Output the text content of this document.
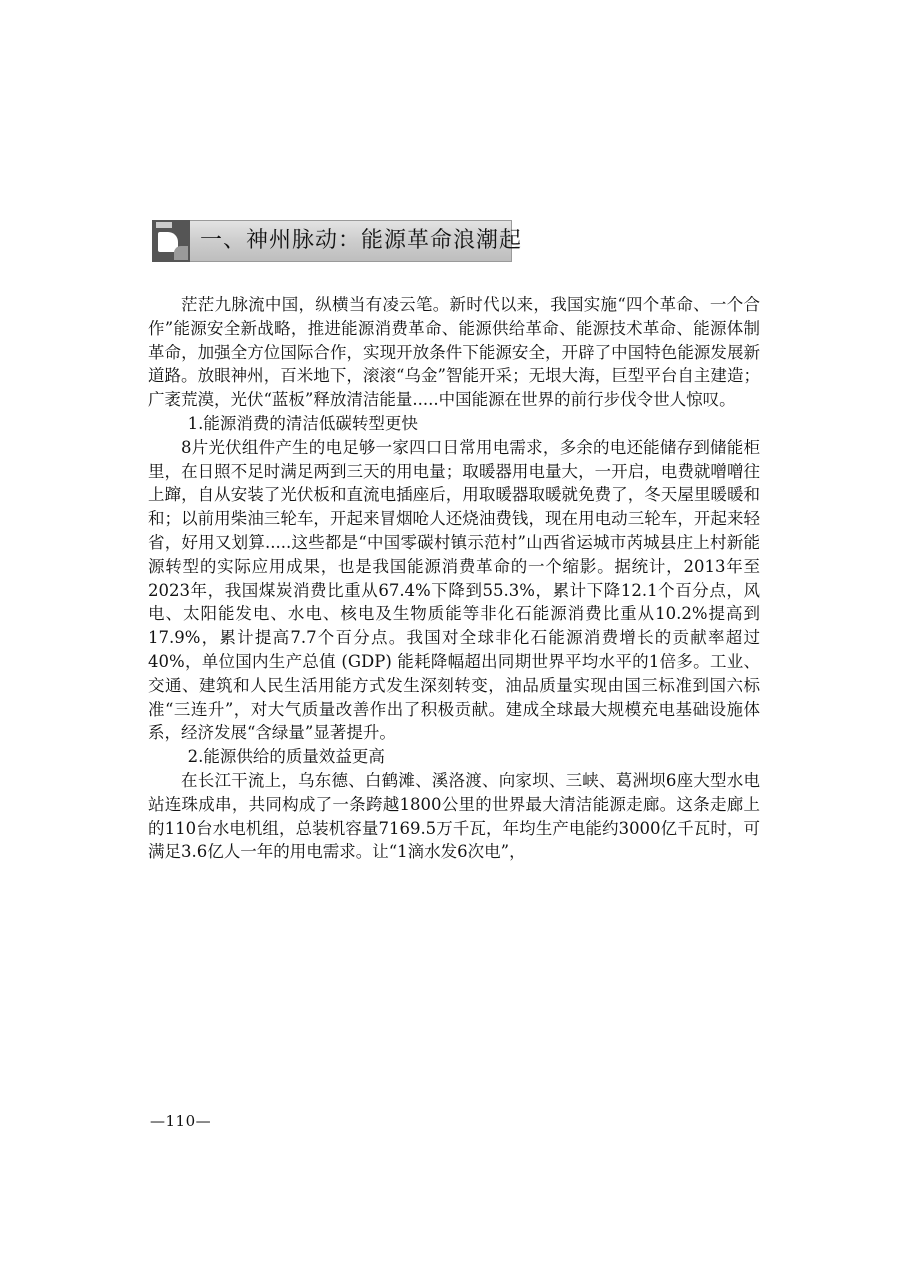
一、神州脉动：能源革命浪潮起

茫茫九脉流中国，纵横当有凌云笔。新时代以来，我国实施“四个革命、一个合作”能源安全新战略，推进能源消费革命、能源供给革命、能源技术革命、能源体制革命，加强全方位国际合作，实现开放条件下能源安全，开辟了中国特色能源发展新道路。放眼神州，百米地下，滚滚“乌金”智能开采；无垠大海，巨型平台自主建造；广袤荒漠，光伏“蓝板”释放清洁能量.....中国能源在世界的前行步伐令世人惊叹。

1.能源消费的清洁低碳转型更快

8片光伏组件产生的电足够一家四口日常用电需求，多余的电还能储存到储能柜里，在日照不足时满足两到三天的用电量；取暖器用电量大，一开启，电费就噌噌往上蹿，自从安装了光伏板和直流电插座后，用取暖器取暖就免费了，冬天屋里暖暖和和；以前用柴油三轮车，开起来冒烟呛人还烧油费钱，现在用电动三轮车，开起来轻省，好用又划算.....这些都是“中国零碳村镇示范村”山西省运城市芮城县庄上村新能源转型的实际应用成果，也是我国能源消费革命的一个缩影。据统计，2013年至2023年，我国煤炭消费比重从67.4%下降到55.3%，累计下降12.1个百分点，风电、太阳能发电、水电、核电及生物质能等非化石能源消费比重从10.2%提高到17.9%，累计提高7.7个百分点。我国对全球非化石能源消费增长的贡献率超过40%，单位国内生产总值 (GDP) 能耗降幅超出同期世界平均水平的1倍多。工业、交通、建筑和人民生活用能方式发生深刻转变，油品质量实现由国三标准到国六标准“三连升”，对大气质量改善作出了积极贡献。建成全球最大规模充电基础设施体系，经济发展“含绿量”显著提升。

2.能源供给的质量效益更高

在长江干流上，乌东德、白鹤滩、溪洛渡、向家坝、三峡、葛洲坝6座大型水电站连珠成串，共同构成了一条跨越1800公里的世界最大清洁能源走廊。这条走廊上的110台水电机组，总装机容量7169.5万千瓦，年均生产电能约3000亿千瓦时，可满足3.6亿人一年的用电需求。让“1滴水发6次电”，

—110—
